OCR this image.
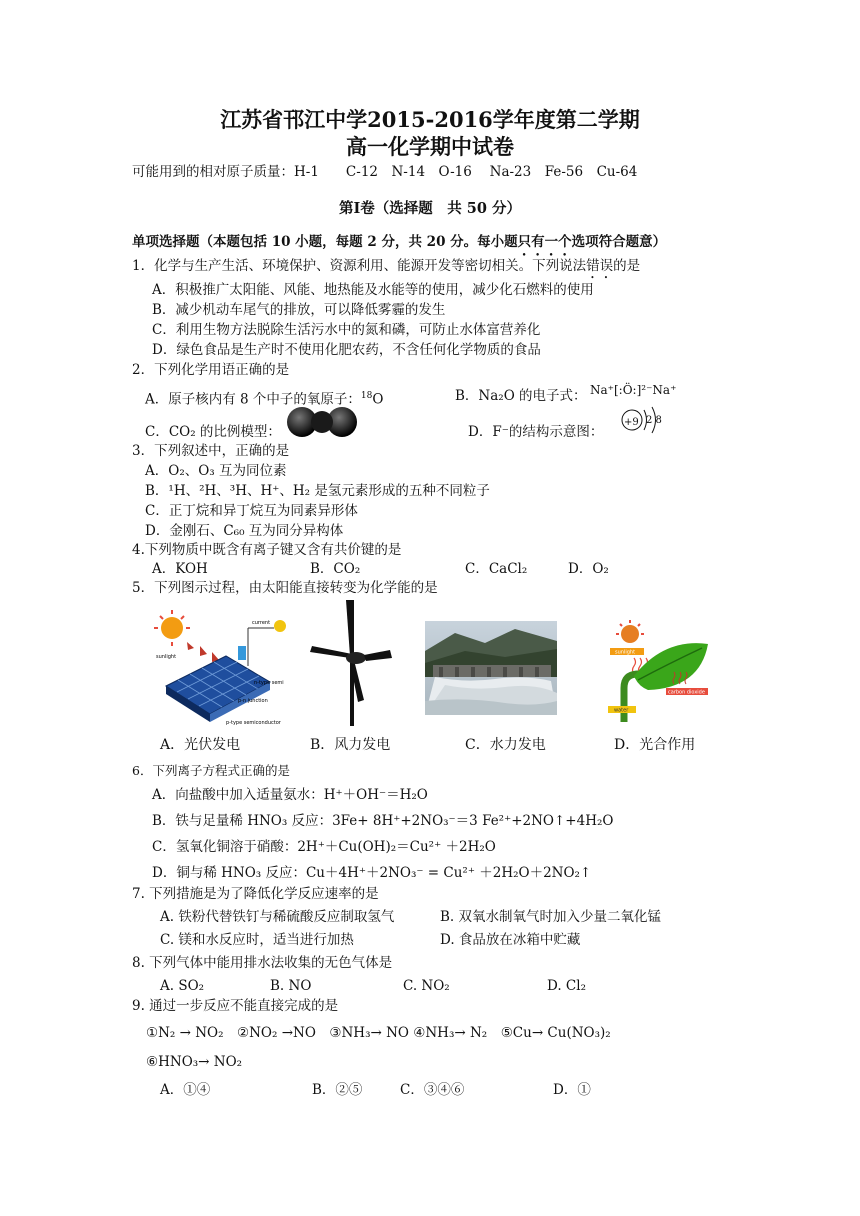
江苏省邗江中学2015-2016学年度第二学期
高一化学期中试卷
可能用到的相对原子质量：H-1　　C-12　N-14　O-16　 Na-23　Fe-56　Cu-64
第Ⅰ卷（选择题　共 50 分）
单项选择题（本题包括 10 小题，每题 2 分，共 20 分。每小题只有一个选项符合题意）
1．化学与生产生活、环境保护、资源利用、能源开发等密切相关。下列说法错误的是
A．积极推广太阳能、风能、地热能及水能等的使用，减少化石燃料的使用
B．减少机动车尾气的排放，可以降低雾霾的发生
C．利用生物方法脱除生活污水中的氮和磷，可防止水体富营养化
D．绿色食品是生产时不使用化肥农药，不含任何化学物质的食品
2．下列化学用语正确的是
A．原子核内有 8 个中子的氧原子：$^{18}$O	B．Na₂O 的电子式： Na⁺[:Ö:]²⁻Na⁺
C．CO₂ 的比例模型：	D．F⁻的结构示意图：
+9 2 8
3．下列叙述中，正确的是
A．O₂、O₃ 互为同位素
B．¹H、²H、³H、H⁺、H₂ 是氢元素形成的五种不同粒子
C．正丁烷和异丁烷互为同素异形体
D．金刚石、C₆₀ 互为同分异构体
4.下列物质中既含有离子键又含有共价键的是
A．KOH	B．CO₂	C．CaCl₂	D．O₂
5．下列图示过程，由太阳能直接转变为化学能的是
current
sunlight
n-type semi
p-n junction
p-type semiconductor
sunlight
carbon dioxide
water
A．光伏发电	B．风力发电	C．水力发电	D．光合作用
6．下列离子方程式正确的是
A．向盐酸中加入适量氨水：H⁺＋OH⁻＝H₂O
B．铁与足量稀 HNO₃ 反应：3Fe+ 8H⁺+2NO₃⁻＝3 Fe²⁺+2NO↑+4H₂O
C．氢氧化铜溶于硝酸：2H⁺＋Cu(OH)₂＝Cu²⁺ ＋2H₂O
D．铜与稀 HNO₃ 反应：Cu＋4H⁺＋2NO₃⁻ = Cu²⁺ ＋2H₂O＋2NO₂↑
7. 下列措施是为了降低化学反应速率的是
A. 铁粉代替铁钉与稀硫酸反应制取氢气	B. 双氧水制氧气时加入少量二氧化锰
C. 镁和水反应时，适当进行加热	D. 食品放在冰箱中贮藏
8. 下列气体中能用排水法收集的无色气体是
A. SO₂	B. NO	C. NO₂	D. Cl₂
9. 通过一步反应不能直接完成的是
①N₂ → NO₂　②NO₂ →NO　③NH₃→ NO ④NH₃→ N₂　⑤Cu→ Cu(NO₃)₂
⑥HNO₃→ NO₂
A．①④	B．②⑤	C．③④⑥	D．①
